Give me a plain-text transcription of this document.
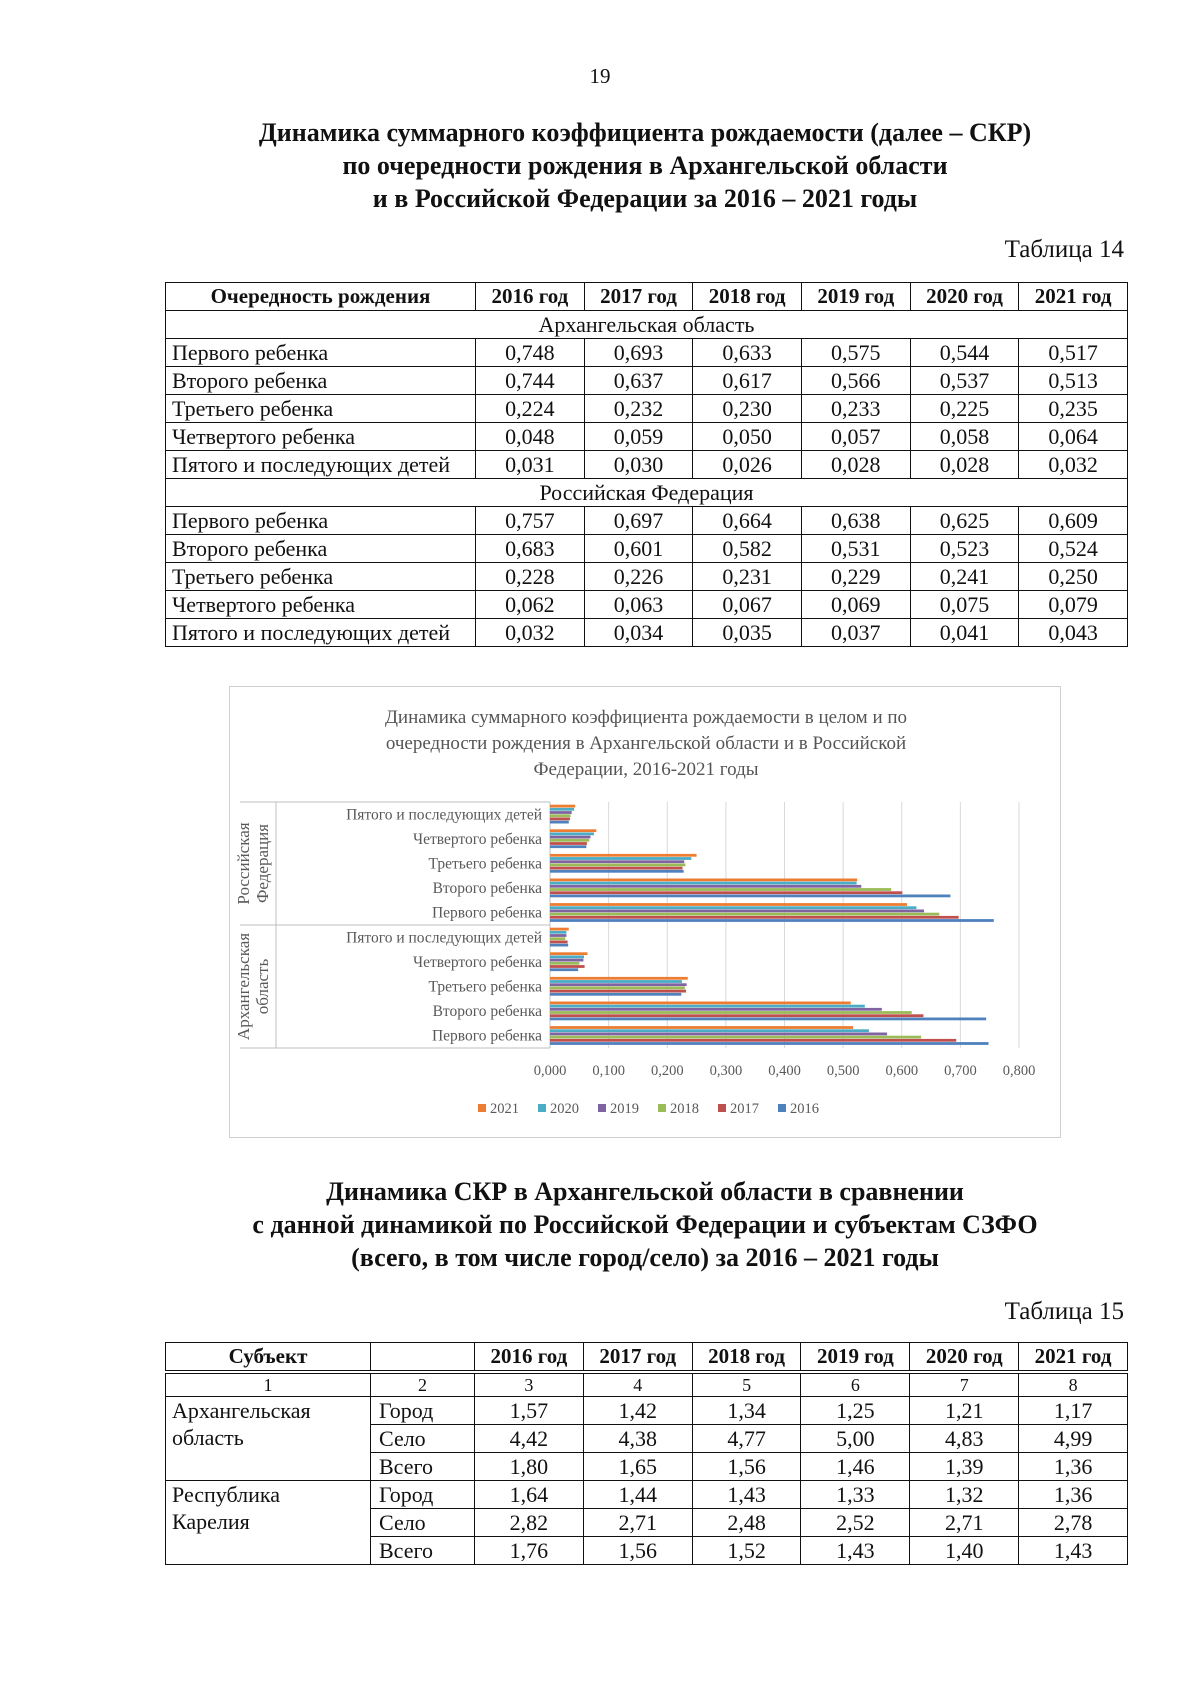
19
Динамика суммарного коэффициента рождаемости (далее – СКР)
по очередности рождения в Архангельской области
и в Российской Федерации за 2016 – 2021 годы
Таблица 14
Очередность рождения	2016 год	2017 год	2018 год	2019 год	2020 год	2021 год
Архангельская область						
Первого ребенка	0,748	0,693	0,633	0,575	0,544	0,517
Второго ребенка	0,744	0,637	0,617	0,566	0,537	0,513
Третьего ребенка	0,224	0,232	0,230	0,233	0,225	0,235
Четвертого ребенка	0,048	0,059	0,050	0,057	0,058	0,064
Пятого и последующих детей	0,031	0,030	0,026	0,028	0,028	0,032
Российская Федерация						
Первого ребенка	0,757	0,697	0,664	0,638	0,625	0,609
Второго ребенка	0,683	0,601	0,582	0,531	0,523	0,524
Третьего ребенка	0,228	0,226	0,231	0,229	0,241	0,250
Четвертого ребенка	0,062	0,063	0,067	0,069	0,075	0,079
Пятого и последующих детей	0,032	0,034	0,035	0,037	0,041	0,043
Динамика суммарного коэффициента рождаемости в целом и по
очередности рождения в Архангельской области и в Российской
Федерации, 2016-2021 годы
0,000 0,100 0,200 0,300 0,400 0,500 0,600 0,700 0,800
Российская Федерация
Пятого и последующих детей
Четвертого ребенка
Третьего ребенка
Второго ребенка
Первого ребенка
Архангельская область
Пятого и последующих детей
Четвертого ребенка
Третьего ребенка
Второго ребенка
Первого ребенка
2021 2020 2019 2018 2017 2016
Динамика СКР в Архангельской области в сравнении
с данной динамикой по Российской Федерации и субъектам СЗФО
(всего, в том числе город/село) за 2016 – 2021 годы
Таблица 15
Субъект		2016 год	2017 год	2018 год	2019 год	2020 год	2021 год

1	2	3	4	5	6	7	8

Архангельская
область	Город	1,57	1,42	1,34	1,25	1,21	1,17
	Село	4,42	4,38	4,77	5,00	4,83	4,99
	Всего	1,80	1,65	1,56	1,46	1,39	1,36

Республика
Карелия	Город	1,64	1,44	1,43	1,33	1,32	1,36
	Село	2,82	2,71	2,48	2,52	2,71	2,78
	Всего	1,76	1,56	1,52	1,43	1,40	1,43
